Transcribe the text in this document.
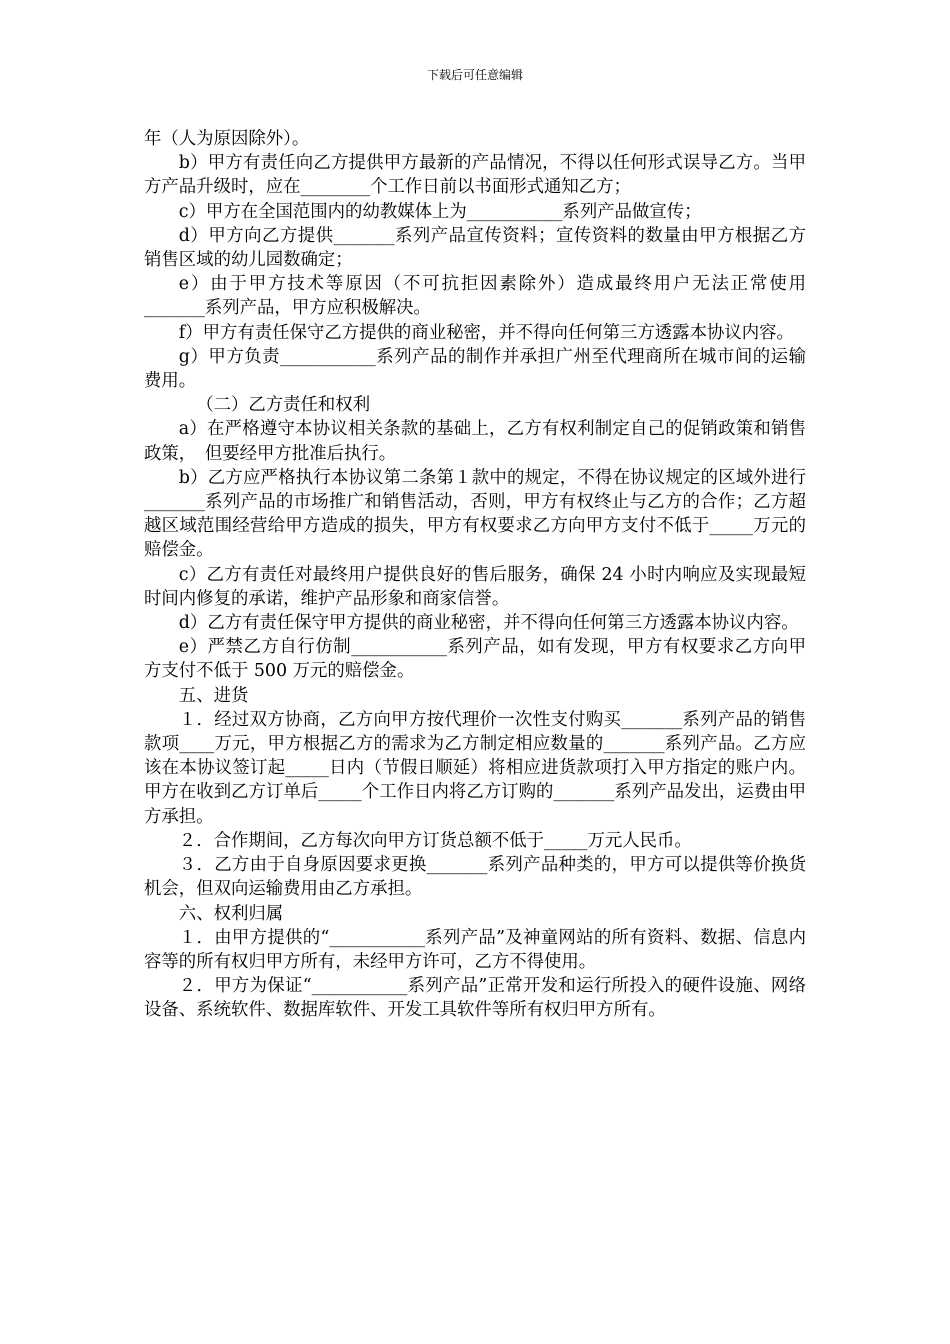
下载后可任意编辑

年（人为原因除外）。

b）甲方有责任向乙方提供甲方最新的产品情况，不得以任何形式误导乙方。当甲方产品升级时，应在________个工作日前以书面形式通知乙方；

c）甲方在全国范围内的幼教媒体上为___________系列产品做宣传；

d）甲方向乙方提供_______系列产品宣传资料；宣传资料的数量由甲方根据乙方销售区域的幼儿园数确定；

e）由于甲方技术等原因（不可抗拒因素除外）造成最终用户无法正常使用_______系列产品，甲方应积极解决。

f）甲方有责任保守乙方提供的商业秘密，并不得向任何第三方透露本协议内容。

g）甲方负责___________系列产品的制作并承担广州至代理商所在城市间的运输费用。

（二）乙方责任和权利

a）在严格遵守本协议相关条款的基础上，乙方有权利制定自己的促销政策和销售政策，　但要经甲方批准后执行。

b）乙方应严格执行本协议第二条第１款中的规定，不得在协议规定的区域外进行_______系列产品的市场推广和销售活动，否则，甲方有权终止与乙方的合作；乙方超越区域范围经营给甲方造成的损失，甲方有权要求乙方向甲方支付不低于_____万元的赔偿金。

c）乙方有责任对最终用户提供良好的售后服务，确保 24 小时内响应及实现最短时间内修复的承诺，维护产品形象和商家信誉。

d）乙方有责任保守甲方提供的商业秘密，并不得向任何第三方透露本协议内容。

e）严禁乙方自行仿制___________系列产品，如有发现，甲方有权要求乙方向甲方支付不低于 500 万元的赔偿金。

五、进货

１．经过双方协商，乙方向甲方按代理价一次性支付购买_______系列产品的销售款项____万元，甲方根据乙方的需求为乙方制定相应数量的_______系列产品。乙方应该在本协议签订起_____日内（节假日顺延）将相应进货款项打入甲方指定的账户内。甲方在收到乙方订单后_____个工作日内将乙方订购的_______系列产品发出，运费由甲方承担。

２．合作期间，乙方每次向甲方订货总额不低于_____万元人民币。

３．乙方由于自身原因要求更换_______系列产品种类的，甲方可以提供等价换货机会，但双向运输费用由乙方承担。

六、权利归属

１．由甲方提供的“___________系列产品”及神童网站的所有资料、数据、信息内容等的所有权归甲方所有，未经甲方许可，乙方不得使用。

２．甲方为保证“___________系列产品”正常开发和运行所投入的硬件设施、网络设备、系统软件、数据库软件、开发工具软件等所有权归甲方所有。
